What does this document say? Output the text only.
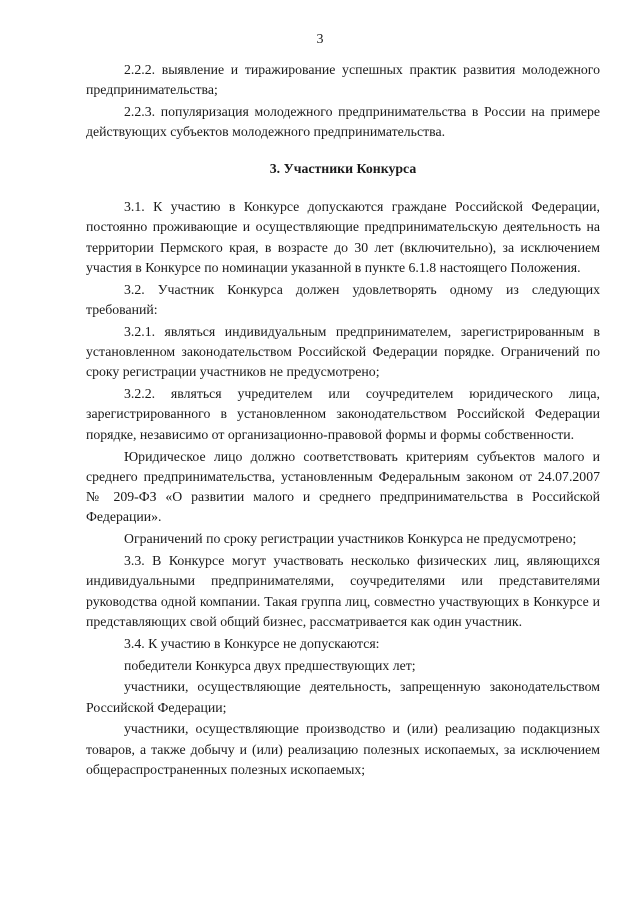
3

2.2.2. выявление и тиражирование успешных практик развития молодежного предпринимательства;

2.2.3. популяризация молодежного предпринимательства в России на примере действующих субъектов молодежного предпринимательства.

3. Участники Конкурса

3.1. К участию в Конкурсе допускаются граждане Российской Федерации, постоянно проживающие и осуществляющие предпринимательскую деятельность на территории Пермского края, в возрасте до 30 лет (включительно), за исключением участия в Конкурсе по номинации указанной в пункте 6.1.8 настоящего Положения.

3.2. Участник Конкурса должен удовлетворять одному из следующих требований:

3.2.1. являться индивидуальным предпринимателем, зарегистрированным в установленном законодательством Российской Федерации порядке. Ограничений по сроку регистрации участников не предусмотрено;

3.2.2. являться учредителем или соучредителем юридического лица, зарегистрированного в установленном законодательством Российской Федерации порядке, независимо от организационно-правовой формы и формы собственности.

Юридическое лицо должно соответствовать критериям субъектов малого и среднего предпринимательства, установленным Федеральным законом от 24.07.2007 № 209-ФЗ «О развитии малого и среднего предпринимательства в Российской Федерации».

Ограничений по сроку регистрации участников Конкурса не предусмотрено;

3.3. В Конкурсе могут участвовать несколько физических лиц, являющихся индивидуальными предпринимателями, соучредителями или представителями руководства одной компании. Такая группа лиц, совместно участвующих в Конкурсе и представляющих свой общий бизнес, рассматривается как один участник.

3.4. К участию в Конкурсе не допускаются:

победители Конкурса двух предшествующих лет;

участники, осуществляющие деятельность, запрещенную законодательством Российской Федерации;

участники, осуществляющие производство и (или) реализацию подакцизных товаров, а также добычу и (или) реализацию полезных ископаемых, за исключением общераспространенных полезных ископаемых;
